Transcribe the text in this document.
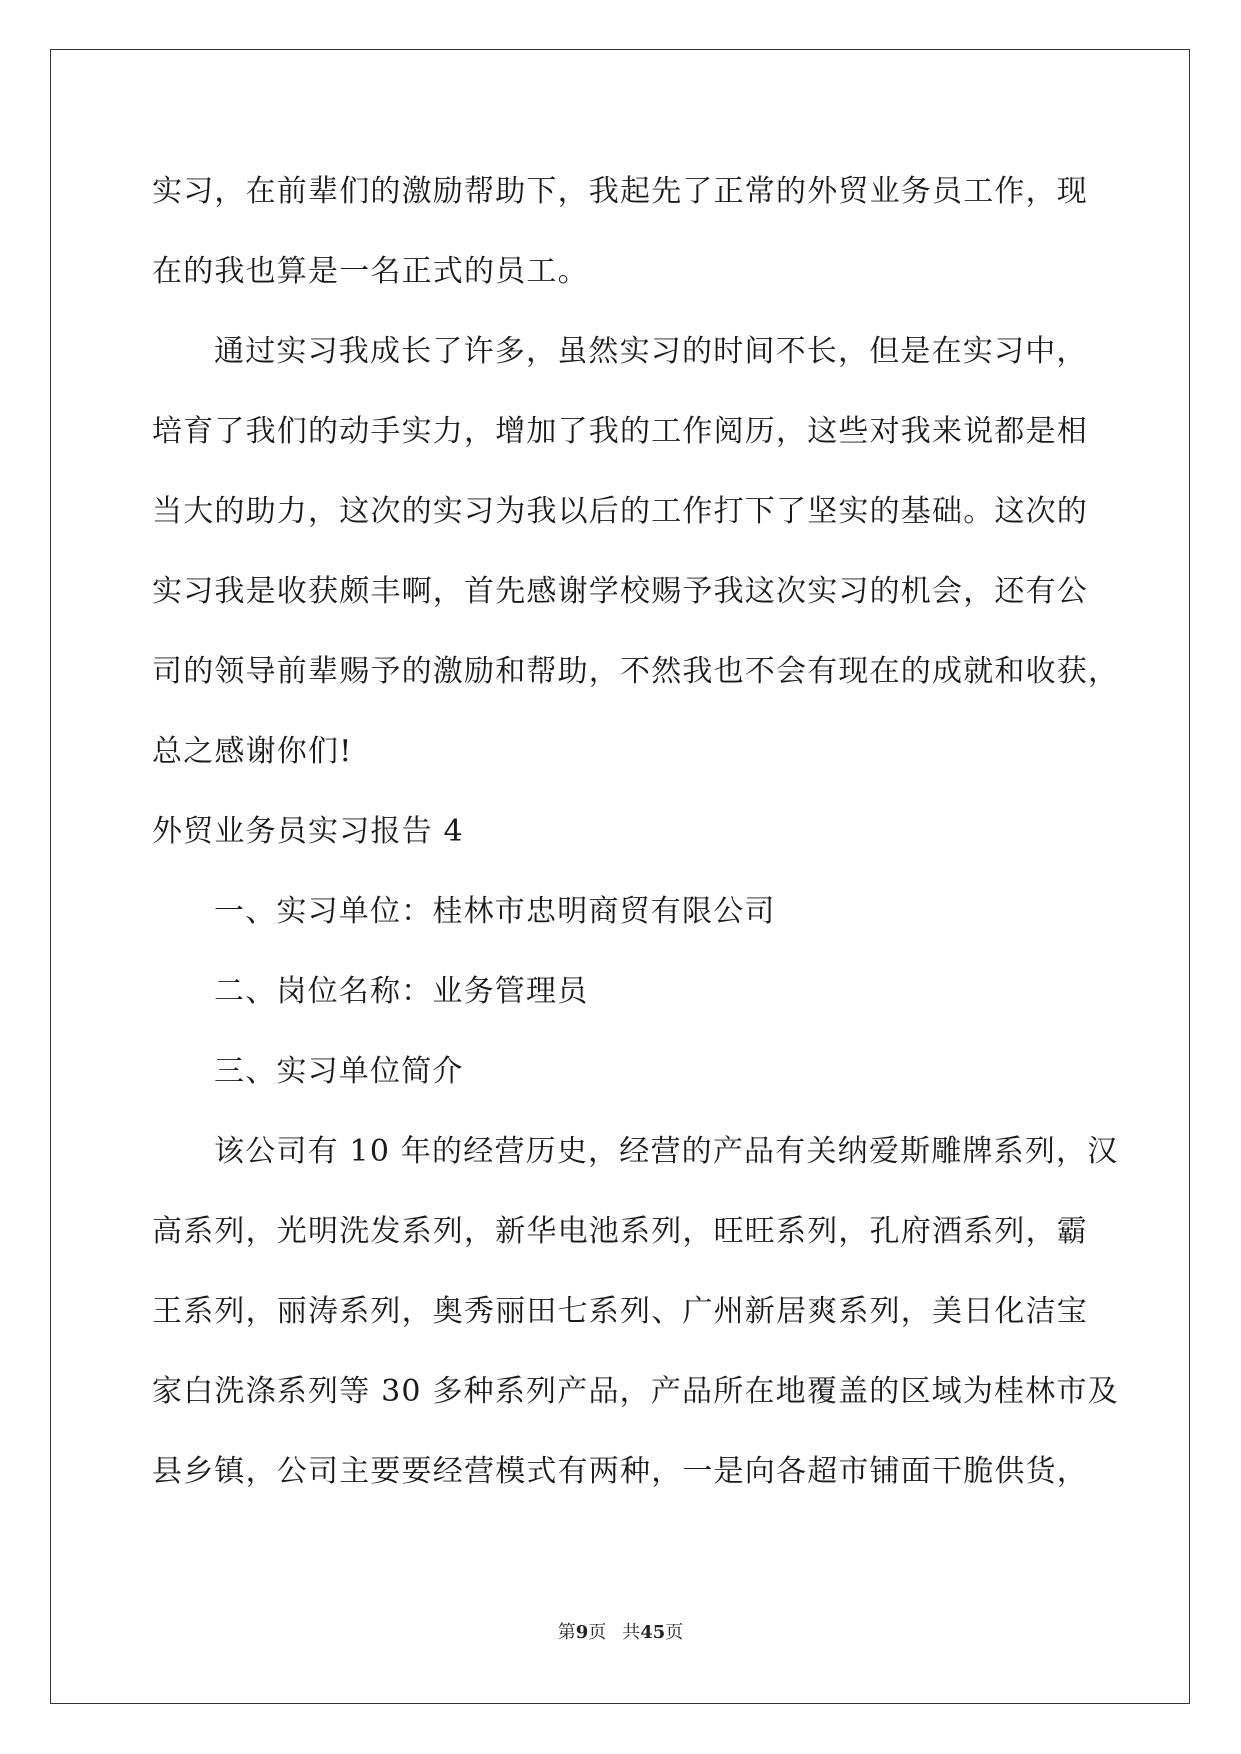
实习，在前辈们的激励帮助下，我起先了正常的外贸业务员工作，现
在的我也算是一名正式的员工。
通过实习我成长了许多，虽然实习的时间不长，但是在实习中，
培育了我们的动手实力，增加了我的工作阅历，这些对我来说都是相
当大的助力，这次的实习为我以后的工作打下了坚实的基础。这次的
实习我是收获颇丰啊，首先感谢学校赐予我这次实习的机会，还有公
司的领导前辈赐予的激励和帮助，不然我也不会有现在的成就和收获，
总之感谢你们!
外贸业务员实习报告 4
一、实习单位：桂林市忠明商贸有限公司
二、岗位名称：业务管理员
三、实习单位简介
该公司有 10 年的经营历史，经营的产品有关纳爱斯雕牌系列，汉
高系列，光明洗发系列，新华电池系列，旺旺系列，孔府酒系列，霸
王系列，丽涛系列，奥秀丽田七系列、广州新居爽系列，美日化洁宝
家白洗涤系列等 30 多种系列产品，产品所在地覆盖的区域为桂林市及
县乡镇，公司主要要经营模式有两种，一是向各超市铺面干脆供货，
第9页 共45页
